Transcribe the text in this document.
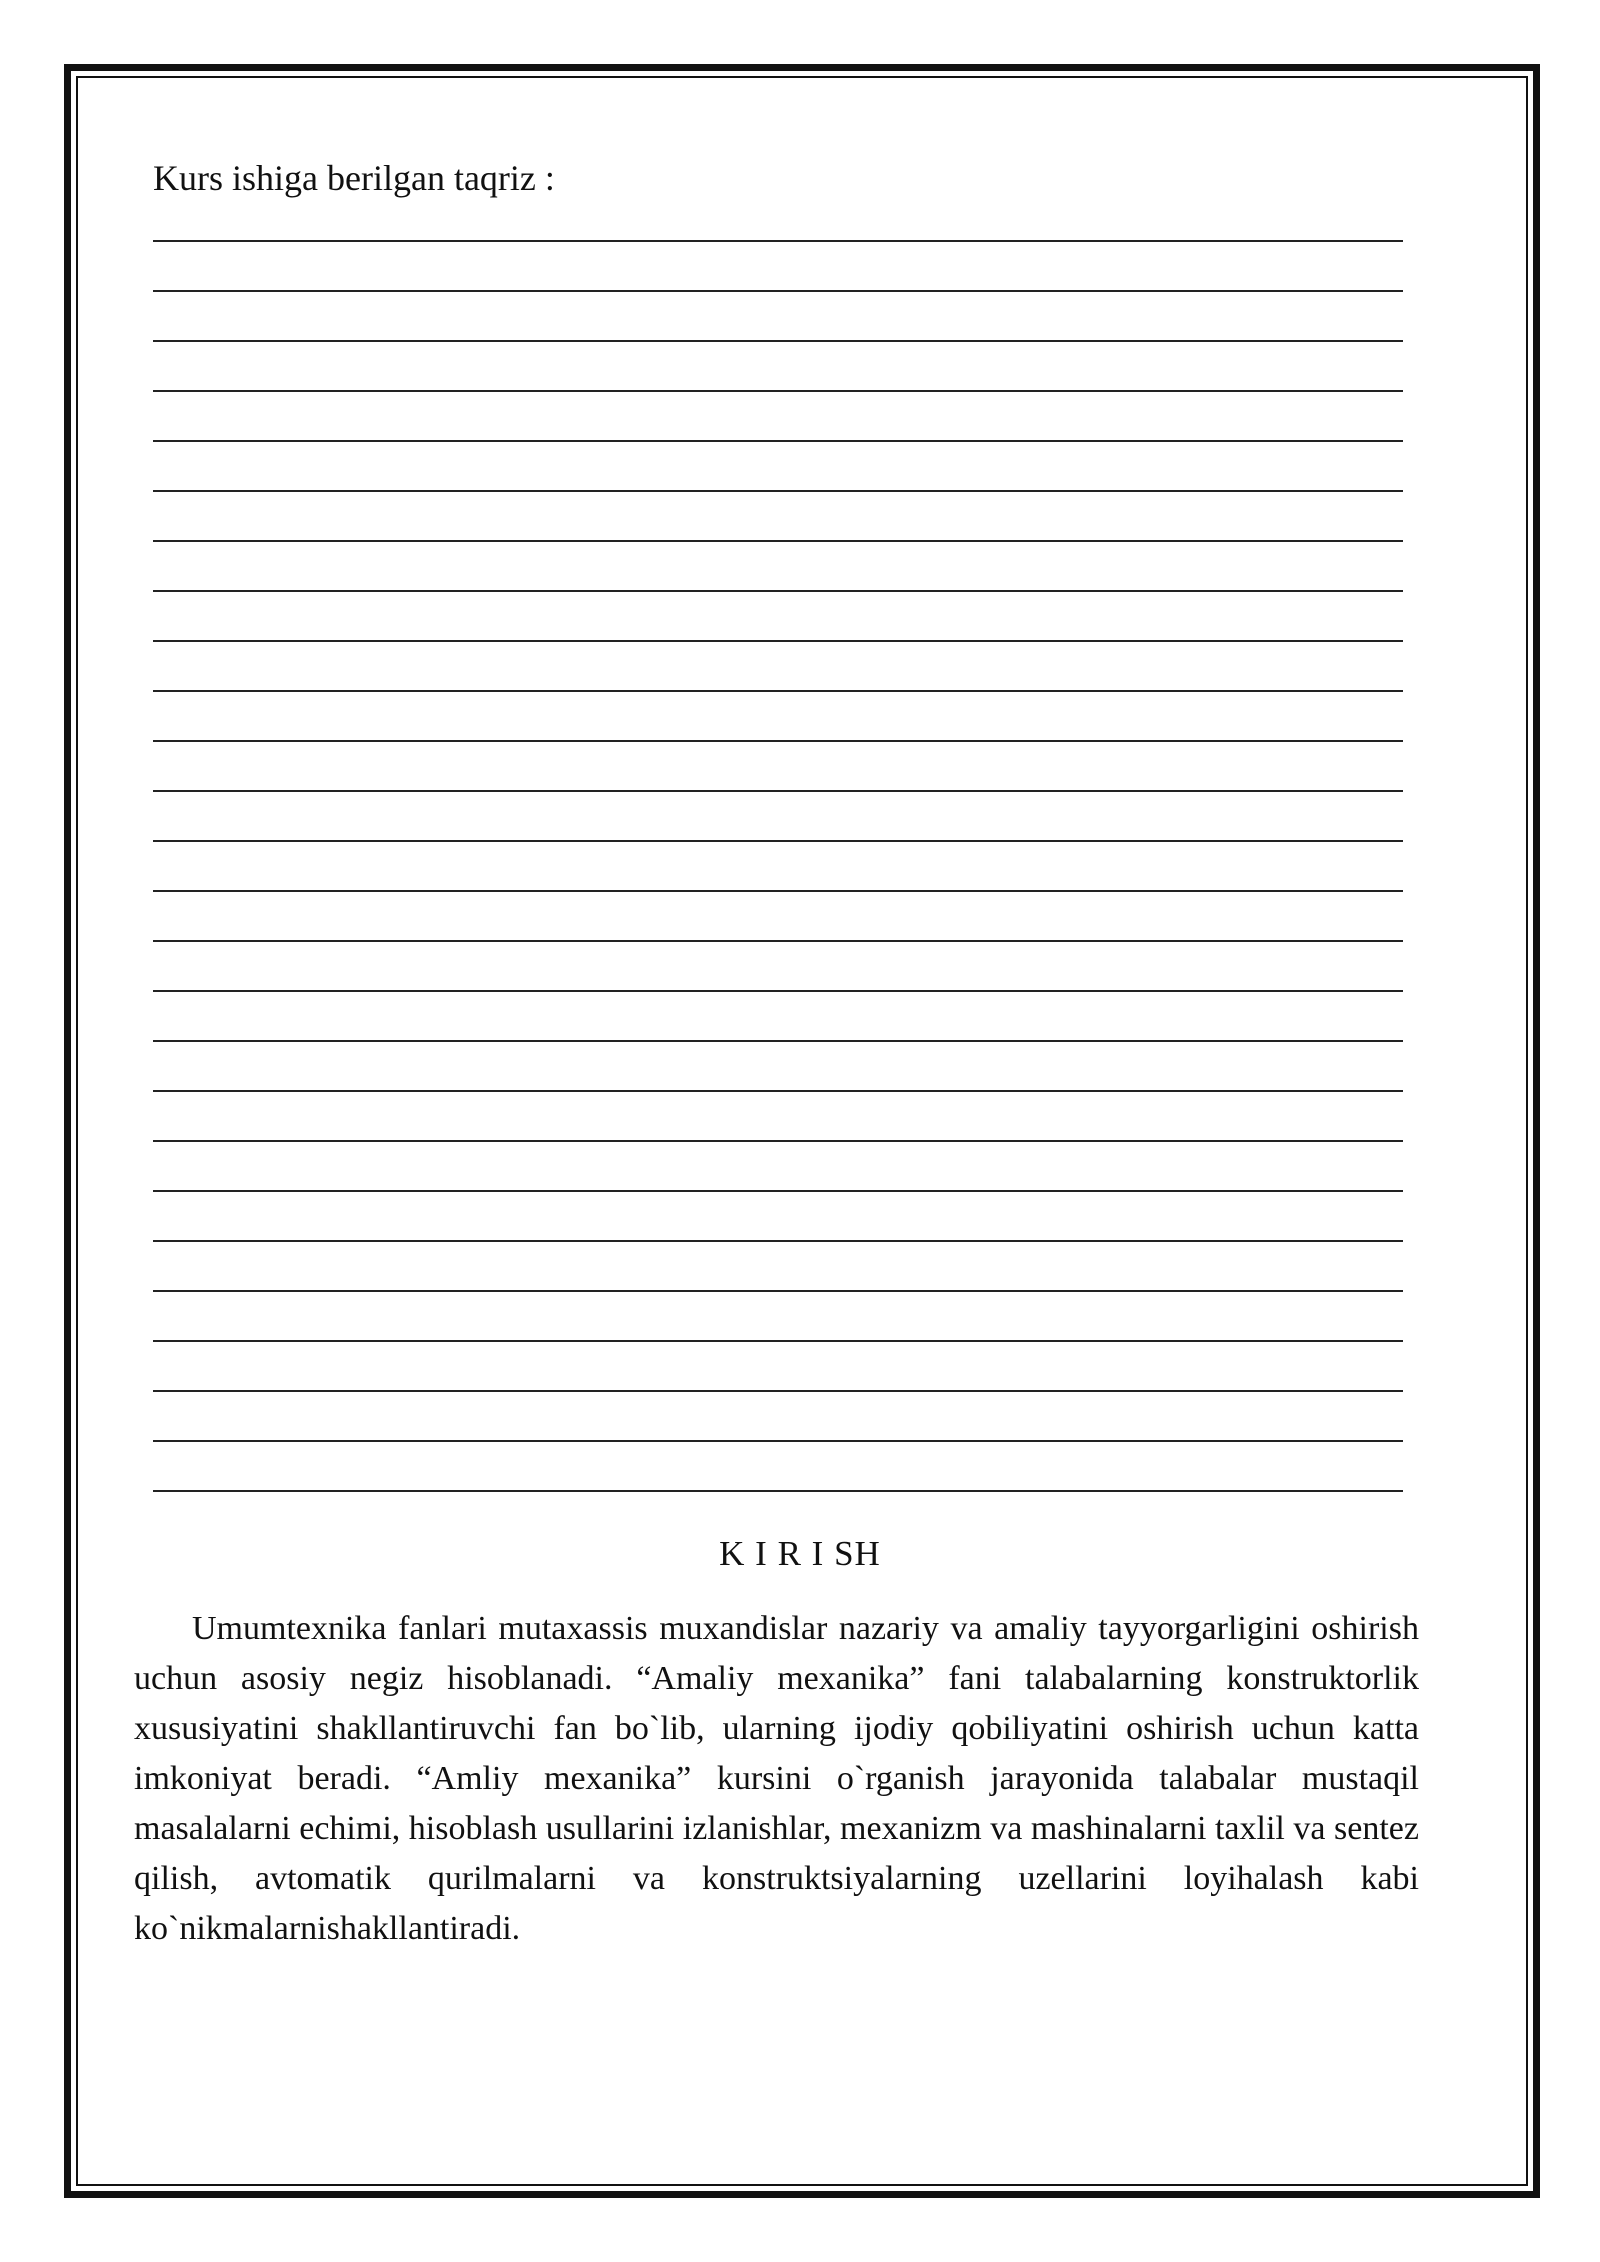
Kurs ishiga berilgan taqriz :
K I R I SH

Umumtexnika fanlari mutaxassis muxandislar nazariy va amaliy tayyorgarligini oshirish uchun asosiy negiz hisoblanadi. “Amaliy mexanika” fani talabalarning konstruktorlik xususiyatini shakllantiruvchi fan bo`lib, ularning ijodiy qobiliyatini oshirish uchun katta imkoniyat beradi. “Amliy mexanika” kursini o`rganish jarayonida talabalar mustaqil masalalarni echimi, hisoblash usullarini izlanishlar, mexanizm va mashinalarni taxlil va sentez qilish, avtomatik qurilmalarni va konstruktsiyalarning uzellarini loyihalash kabi ko`nikmalarnishakllantiradi.
